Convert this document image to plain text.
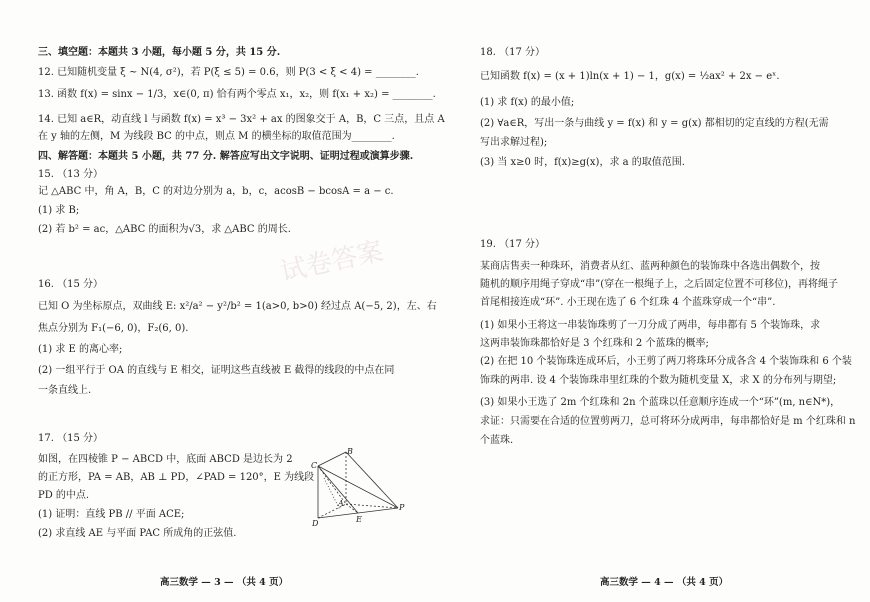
三、填空题：本题共 3 小题，每小题 5 分，共 15 分.
12. 已知随机变量 ξ ~ N(4, σ²)，若 P(ξ ≤ 5) = 0.6，则 P(3 < ξ < 4) = ________.
13. 函数 f(x) = sinx − 1/3，x∈(0, π) 恰有两个零点 x₁，x₂，则 f(x₁ + x₂) = ________.
14. 已知 a∈R，动直线 l 与函数 f(x) = x³ − 3x² + ax 的图象交于 A，B，C 三点，且点 A
在 y 轴的左侧，M 为线段 BC 的中点，则点 M 的横坐标的取值范围为________.
四、解答题：本题共 5 小题，共 77 分. 解答应写出文字说明、证明过程或演算步骤.
15. （13 分）
记 △ABC 中，角 A，B，C 的对边分别为 a，b，c，acosB − bcosA = a − c.
(1) 求 B;
(2) 若 b² = ac，△ABC 的面积为√3，求 △ABC 的周长.
16. （15 分）
已知 O 为坐标原点，双曲线 E: x²/a² − y²/b² = 1(a>0, b>0) 经过点 A(−5, 2)，左、右
焦点分别为 F₁(−6, 0)，F₂(6, 0).
(1) 求 E 的离心率;
(2) 一组平行于 OA 的直线与 E 相交，证明这些直线被 E 截得的线段的中点在同
一条直线上.
17. （15 分）
如图，在四棱锥 P − ABCD 中，底面 ABCD 是边长为 2
的正方形，PA = AB，AB ⊥ PD，∠PAD = 120°，E 为线段
PD 的中点.
(1) 证明：直线 PB // 平面 ACE;
(2) 求直线 AE 与平面 PAC 所成角的正弦值.
B
C
A
D	E
P
试卷答案
高三数学 — 3 — （共 4 页）
18. （17 分）
已知函数 f(x) = (x + 1)ln(x + 1) − 1，g(x) = ½ax² + 2x − eˣ.
(1) 求 f(x) 的最小值;
(2) ∀a∈R，写出一条与曲线 y = f(x) 和 y = g(x) 都相切的定直线的方程(无需
写出求解过程);
(3) 当 x≥0 时，f(x)≥g(x)，求 a 的取值范围.
19. （17 分）
某商店售卖一种珠环，消费者从红、蓝两种颜色的装饰珠中各选出偶数个，按
随机的顺序用绳子穿成“串”(穿在一根绳子上，之后固定位置不可移位)，再将绳子
首尾相接连成“环”. 小王现在选了 6 个红珠 4 个蓝珠穿成一个“串”.
(1) 如果小王将这一串装饰珠剪了一刀分成了两串，每串都有 5 个装饰珠，求
这两串装饰珠都恰好是 3 个红珠和 2 个蓝珠的概率;
(2) 在把 10 个装饰珠连成环后，小王剪了两刀将珠环分成各含 4 个装饰珠和 6 个装
饰珠的两串. 设 4 个装饰珠串里红珠的个数为随机变量 X，求 X 的分布列与期望;
(3) 如果小王选了 2m 个红珠和 2n 个蓝珠以任意顺序连成一个“环”(m, n∈N*)，
求证：只需要在合适的位置剪两刀，总可将环分成两串，每串都恰好是 m 个红珠和 n
个蓝珠.
高三数学 — 4 — （共 4 页）
